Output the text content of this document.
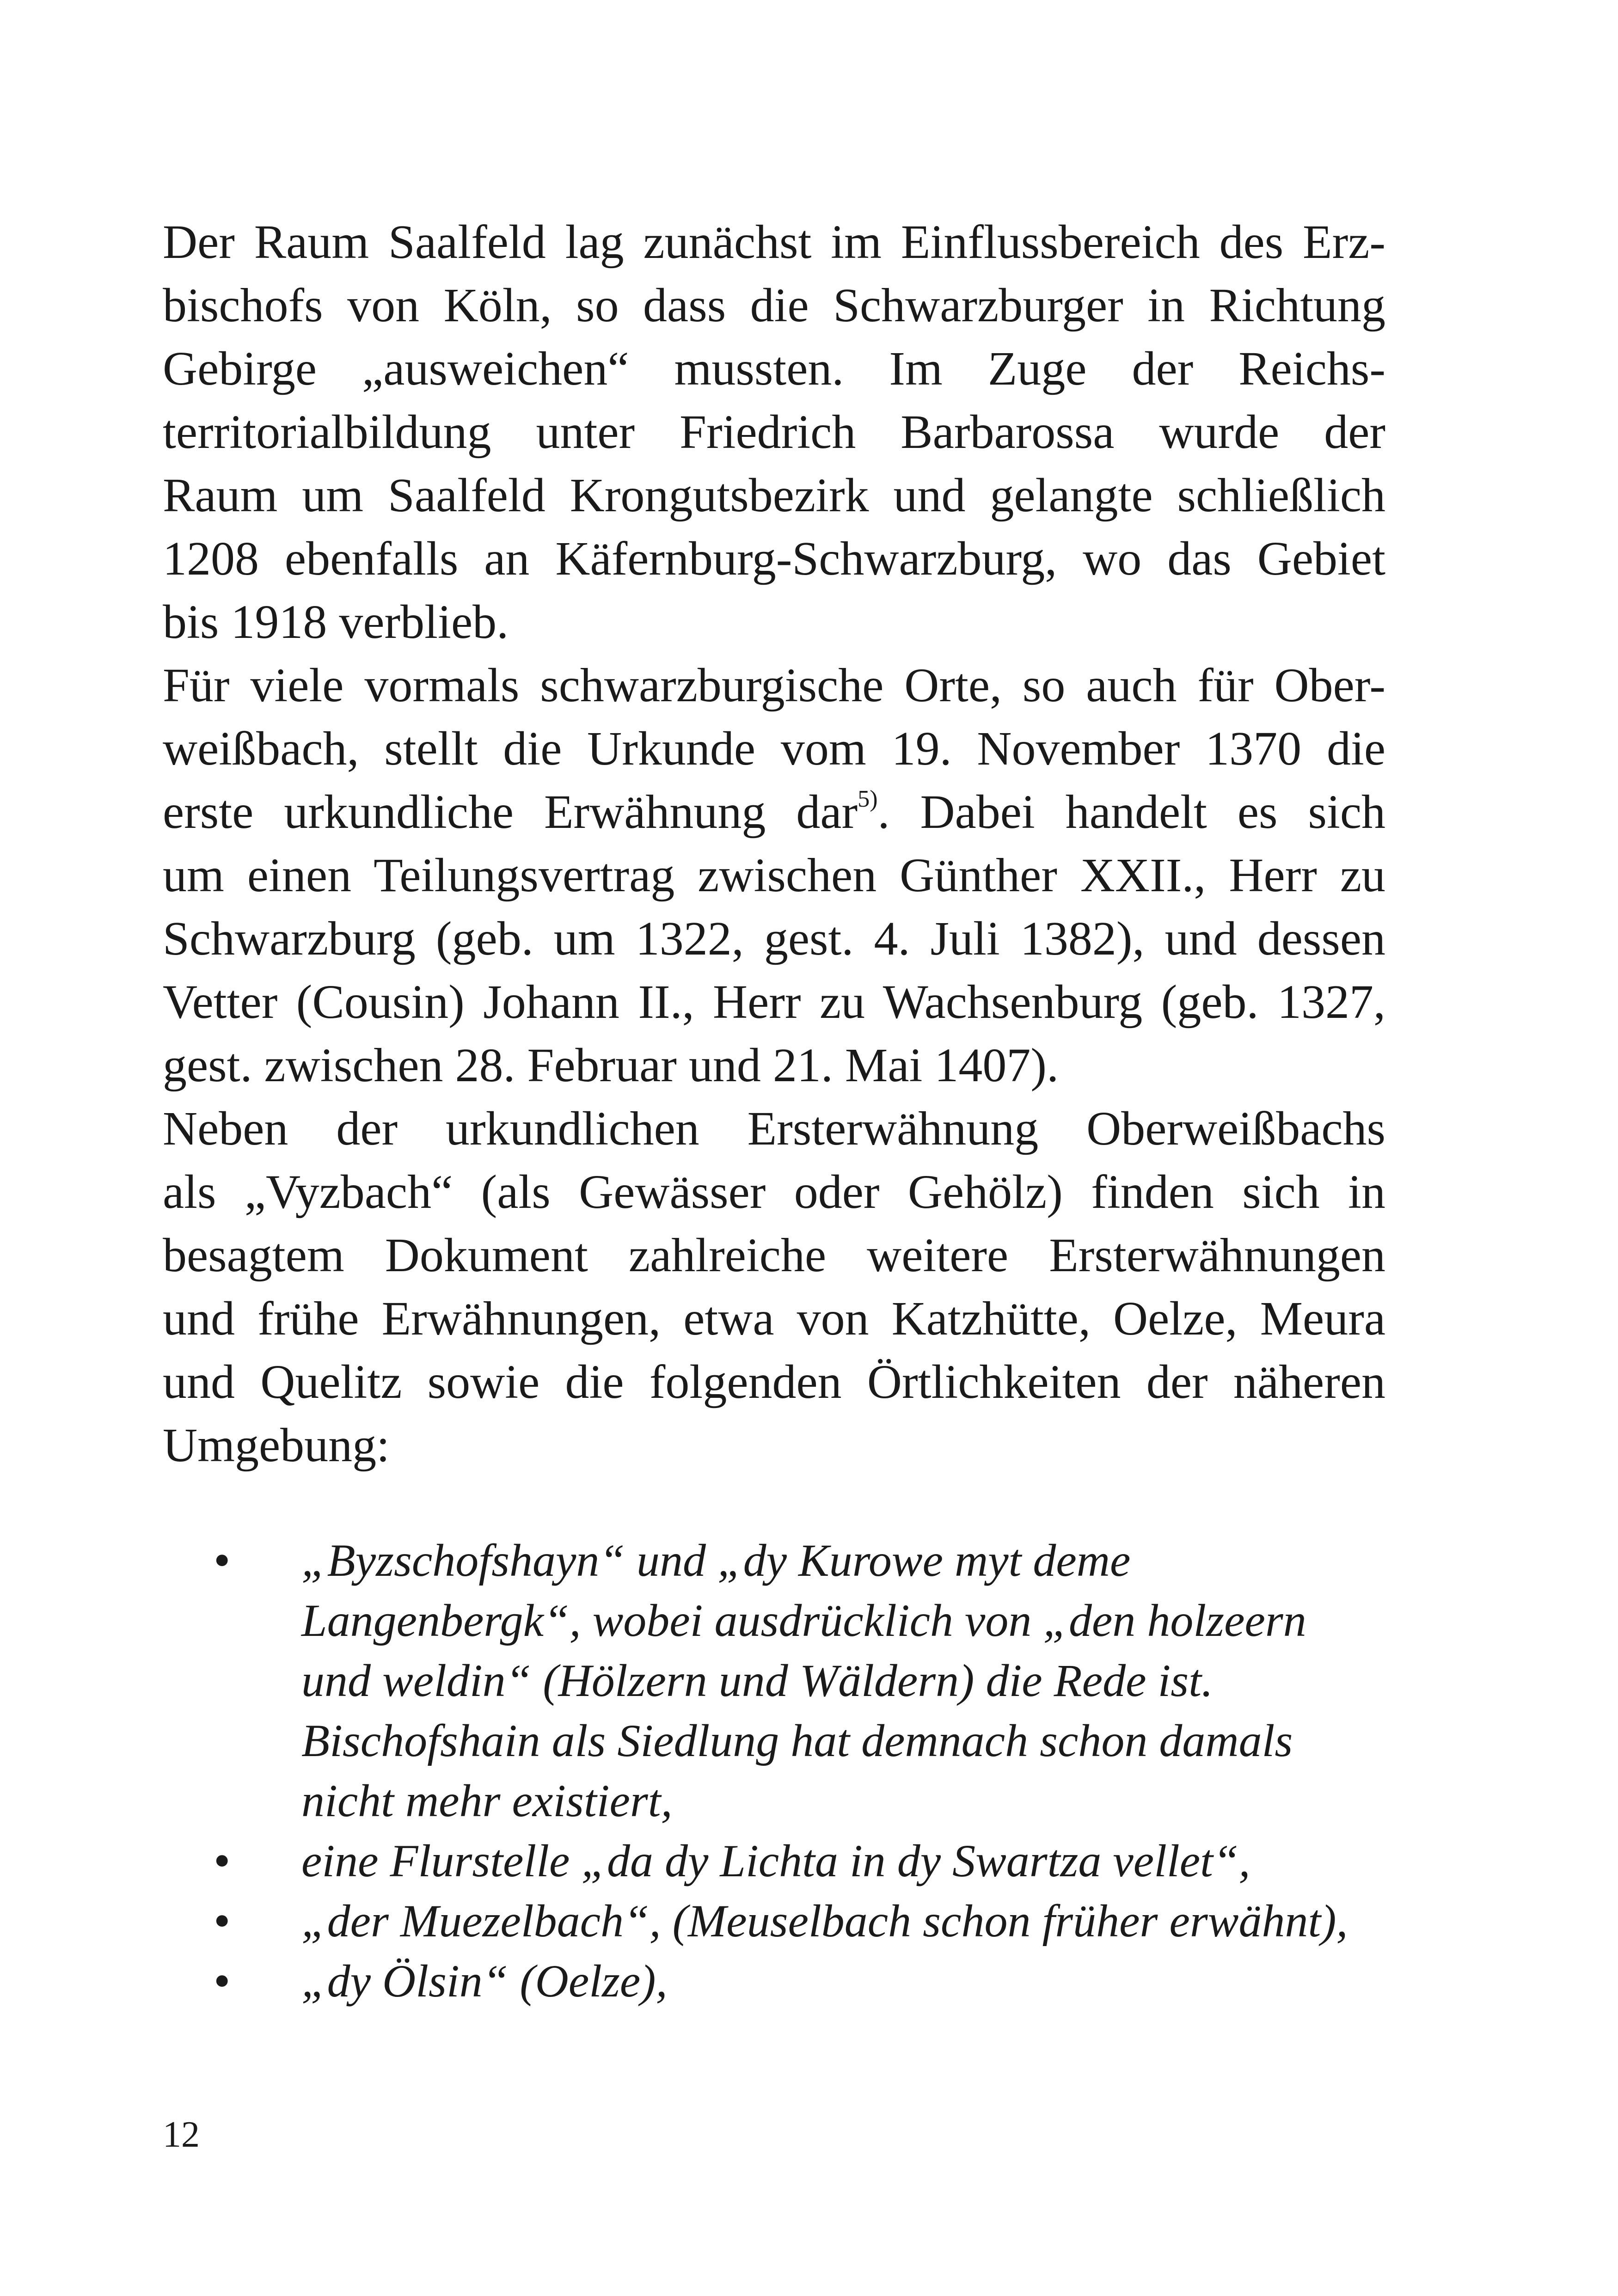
Der Raum Saalfeld lag zunächst im Einflussbereich des Erz-
bischofs von Köln, so dass die Schwarzburger in Richtung
Gebirge „ausweichen“ mussten. Im Zuge der Reichs-
territorialbildung unter Friedrich Barbarossa wurde der
Raum um Saalfeld Krongutsbezirk und gelangte schließlich
1208 ebenfalls an Käfernburg-Schwarzburg, wo das Gebiet
bis 1918 verblieb.
Für viele vormals schwarzburgische Orte, so auch für Ober-
weißbach, stellt die Urkunde vom 19. November 1370 die
erste urkundliche Erwähnung dar$^{5)}$. Dabei handelt es sich
um einen Teilungsvertrag zwischen Günther XXII., Herr zu
Schwarzburg (geb. um 1322, gest. 4. Juli 1382), und dessen
Vetter (Cousin) Johann II., Herr zu Wachsenburg (geb. 1327,
gest. zwischen 28. Februar und 21. Mai 1407).
Neben der urkundlichen Ersterwähnung Oberweißbachs
als „Vyzbach“ (als Gewässer oder Gehölz) finden sich in
besagtem Dokument zahlreiche weitere Ersterwähnungen
und frühe Erwähnungen, etwa von Katzhütte, Oelze, Meura
und Quelitz sowie die folgenden Örtlichkeiten der näheren
Umgebung:
• „Byzschofshayn“ und „dy Kurowe myt deme
Langenbergk“, wobei ausdrücklich von „den holzeern
und weldin“ (Hölzern und Wäldern) die Rede ist.
Bischofshain als Siedlung hat demnach schon damals
nicht mehr existiert,
• eine Flurstelle „da dy Lichta in dy Swartza vellet“,
• „der Muezelbach“, (Meuselbach schon früher erwähnt),
• „dy Ölsin“ (Oelze),
12
